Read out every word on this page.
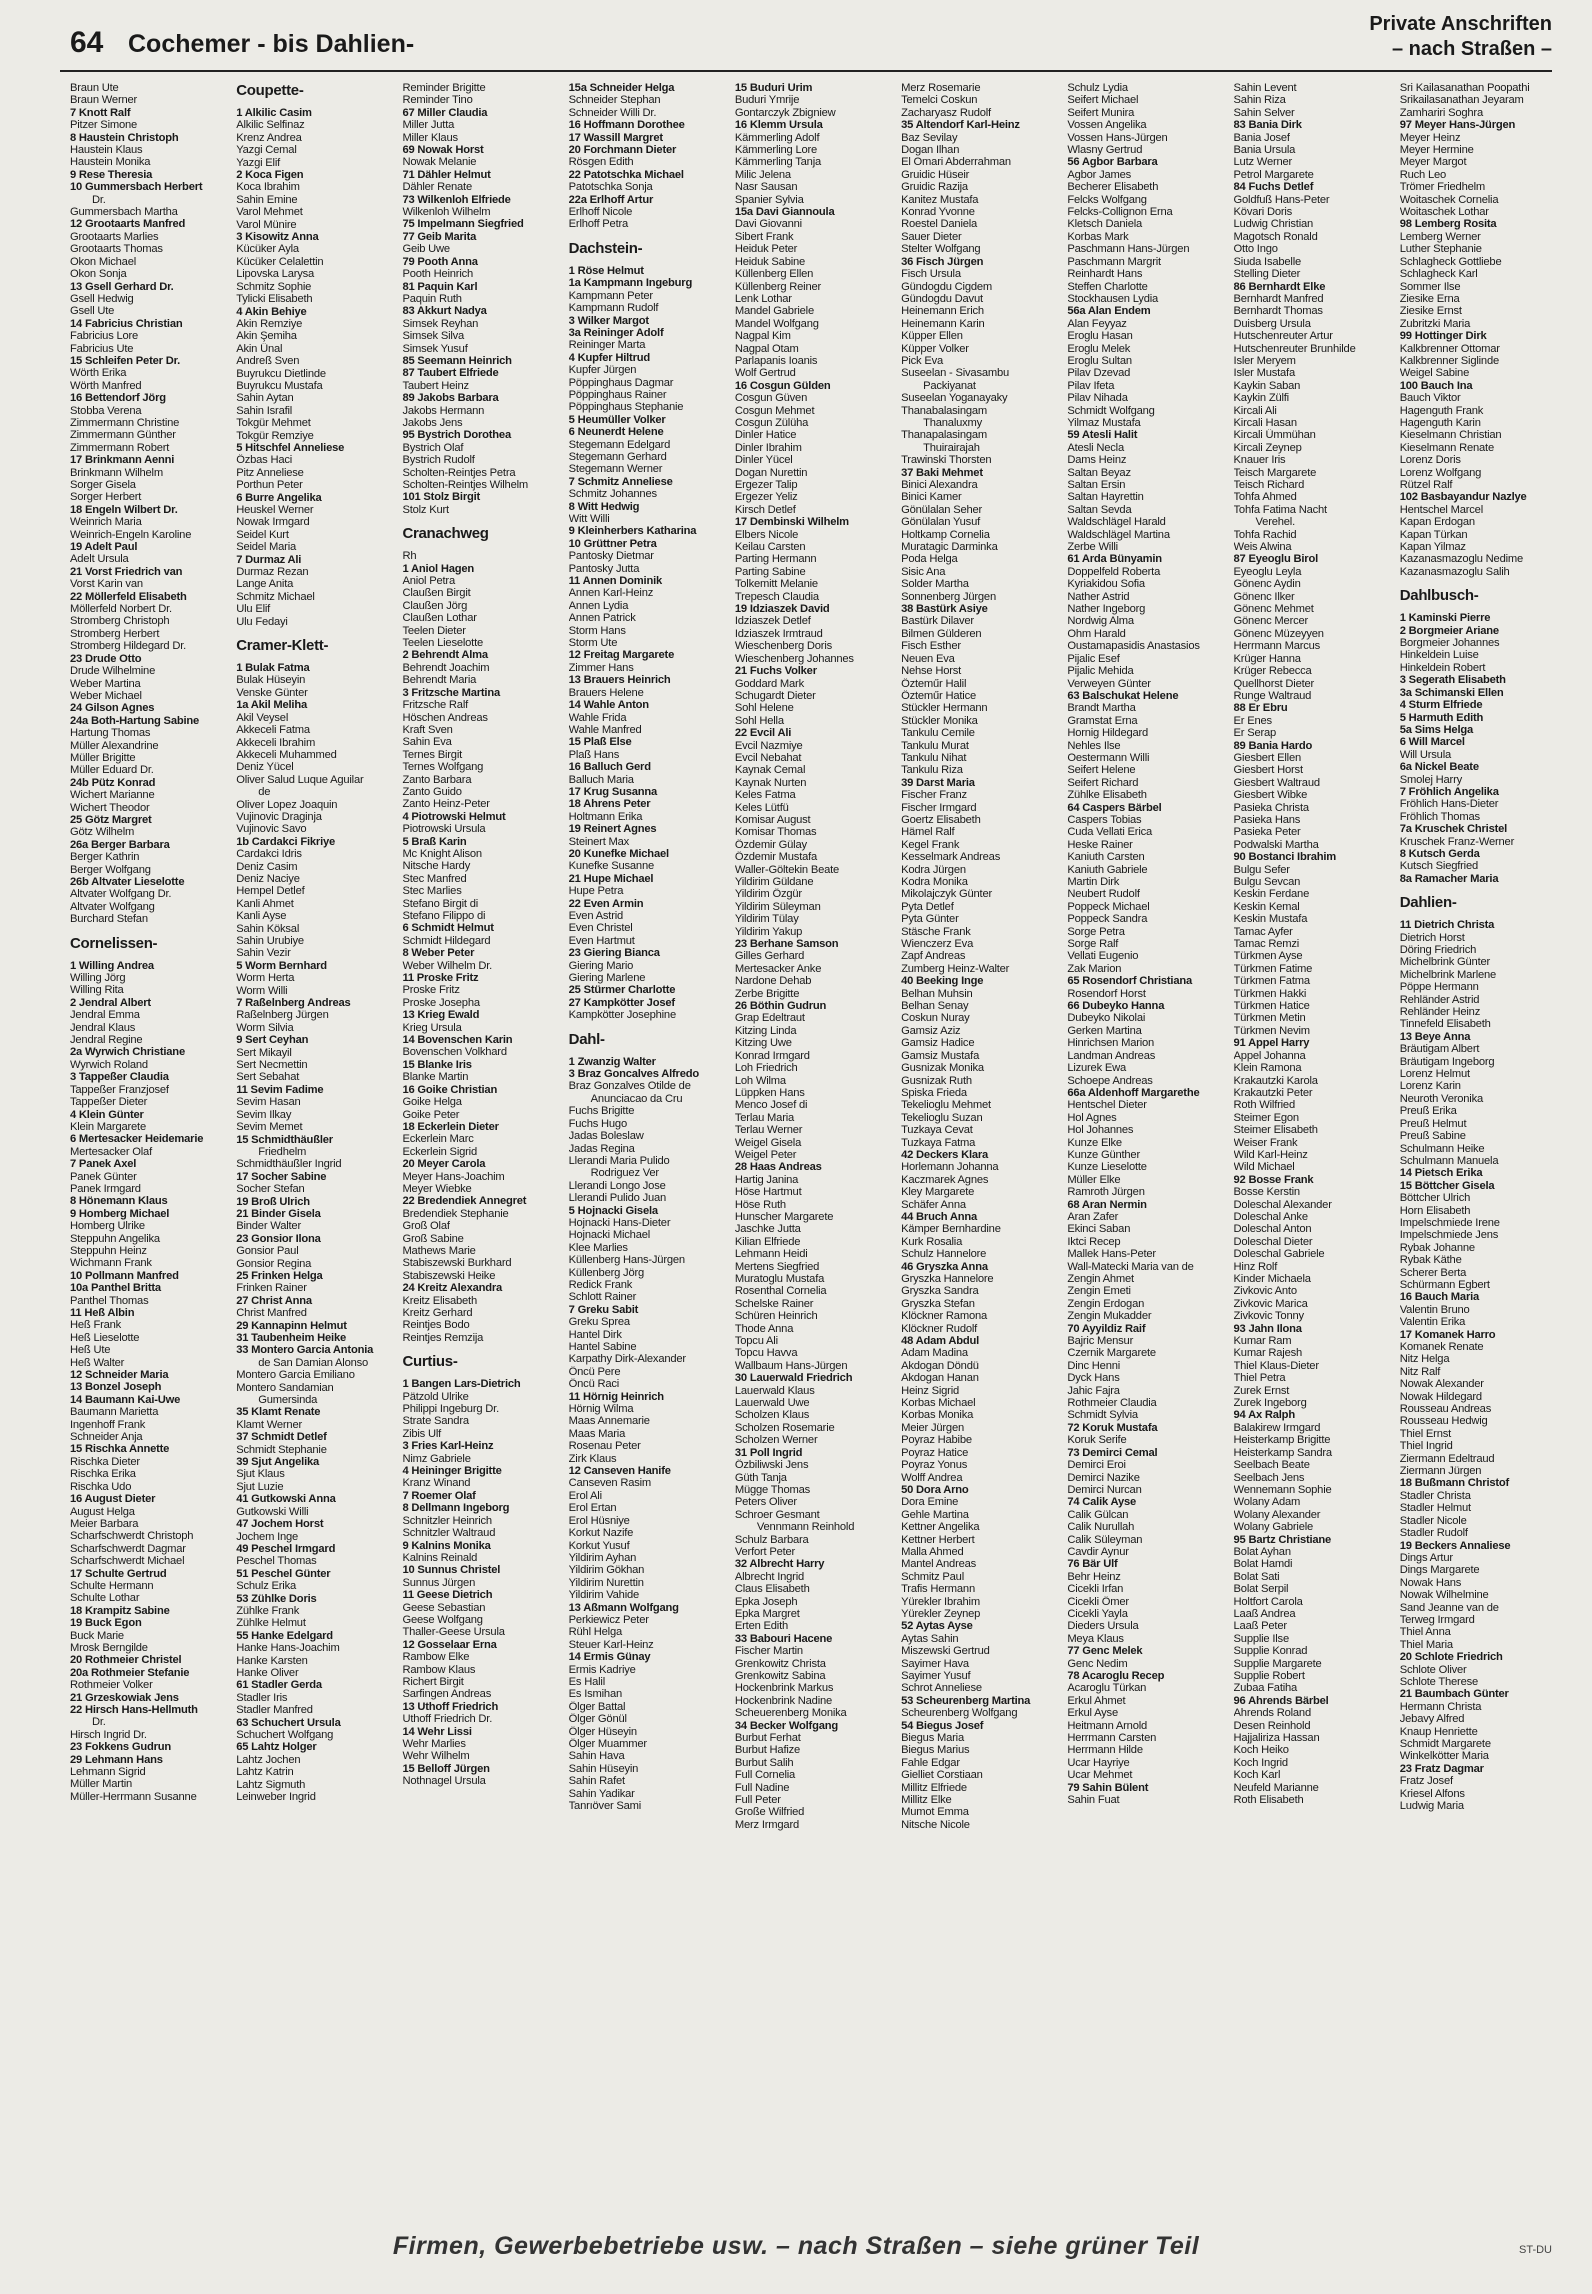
64 Cochemer - bis Dahlien-
Private Anschriften
– nach Straßen –
Braun Ute
Braun Werner
7 Knott Ralf
Pitzer Simone
8 Haustein Christoph
Haustein Klaus
Haustein Monika
9 Rese Theresia
10 Gummersbach Herbert
Dr.
Gummersbach Martha
12 Grootaarts Manfred
Grootaarts Marlies
Grootaarts Thomas
Okon Michael
Okon Sonja
13 Gsell Gerhard Dr.
Gsell Hedwig
Gsell Ute
14 Fabricius Christian
Fabricius Lore
Fabricius Ute
15 Schleifen Peter Dr.
Wörth Erika
Wörth Manfred
16 Bettendorf Jörg
Stobba Verena
Zimmermann Christine
Zimmermann Günther
Zimmermann Robert
17 Brinkmann Aenni
Brinkmann Wilhelm
Sorger Gisela
Sorger Herbert
18 Engeln Wilbert Dr.
Weinrich Maria
Weinrich-Engeln Karoline
19 Adelt Paul
Adelt Ursula
21 Vorst Friedrich van
Vorst Karin van
22 Möllerfeld Elisabeth
Möllerfeld Norbert Dr.
Stromberg Christoph
Stromberg Herbert
Stromberg Hildegard Dr.
23 Drude Otto
Drude Wilhelmine
Weber Martina
Weber Michael
24 Gilson Agnes
24a Both-Hartung Sabine
Hartung Thomas
Müller Alexandrine
Müller Brigitte
Müller Eduard Dr.
24b Pütz Konrad
Wichert Marianne
Wichert Theodor
25 Götz Margret
Götz Wilhelm
26a Berger Barbara
Berger Kathrin
Berger Wolfgang
26b Altvater Lieselotte
Altvater Wolfgang Dr.
Altvater Wolfgang
Burchard Stefan
Cornelissen-
1 Willing Andrea
Willing Jörg
Willing Rita
2 Jendral Albert
Jendral Emma
Jendral Klaus
Jendral Regine
2a Wyrwich Christiane
Wyrwich Roland
3 Tappeßer Claudia
Tappeßer Franzjosef
Tappeßer Dieter
4 Klein Günter
Klein Margarete
6 Mertesacker Heidemarie
Mertesacker Olaf
7 Panek Axel
Panek Günter
Panek Irmgard
8 Hönemann Klaus
9 Homberg Michael
Homberg Ulrike
Steppuhn Angelika
Steppuhn Heinz
Wichmann Frank
10 Pollmann Manfred
10a Panthel Britta
Panthel Thomas
11 Heß Albin
Heß Frank
Heß Lieselotte
Heß Ute
Heß Walter
12 Schneider Maria
13 Bonzel Joseph
14 Baumann Kai-Uwe
Baumann Marietta
Ingenhoff Frank
Schneider Anja
15 Rischka Annette
Rischka Dieter
Rischka Erika
Rischka Udo
16 August Dieter
August Helga
Meier Barbara
Scharfschwerdt Christoph
Scharfschwerdt Dagmar
Scharfschwerdt Michael
17 Schulte Gertrud
Schulte Hermann
Schulte Lothar
18 Krampitz Sabine
19 Buck Egon
Buck Marie
Mrosk Berngilde
20 Rothmeier Christel
20a Rothmeier Stefanie
Rothmeier Volker
21 Grzeskowiak Jens
22 Hirsch Hans-Hellmuth
Dr.
Hirsch Ingrid Dr.
23 Fokkens Gudrun
29 Lehmann Hans
Lehmann Sigrid
Müller Martin
Müller-Herrmann Susanne
Coupette-
1 Alkilic Casim
Alkilic Selfinaz
Krenz Andrea
Yazgi Cemal
Yazgi Elif
2 Koca Figen
Koca Ibrahim
Sahin Emine
Varol Mehmet
Varol Münire
3 Kisowitz Anna
Kücüker Ayla
Kücüker Celalettin
Lipovska Larysa
Schmitz Sophie
Tylicki Elisabeth
4 Akin Behiye
Akin Remziye
Akin Şemiha
Akin Ünal
Andreß Sven
Buyrukcu Dietlinde
Buyrukcu Mustafa
Sahin Aytan
Sahin Israfil
Tokgür Mehmet
Tokgür Remziye
5 Hitschfel Anneliese
Özbas Haci
Pitz Anneliese
Porthun Peter
6 Burre Angelika
Heuskel Werner
Nowak Irmgard
Seidel Kurt
Seidel Maria
7 Durmaz Ali
Durmaz Rezan
Lange Anita
Schmitz Michael
Ulu Elif
Ulu Fedayi
Cramer-Klett-
1 Bulak Fatma
Bulak Hüseyin
Venske Günter
1a Akil Meliha
Akil Veysel
Akkeceli Fatma
Akkeceli Ibrahim
Akkeceli Muhammed
Deniz Yücel
Oliver Salud Luque Aguilar
de
Oliver Lopez Joaquin
Vujinovic Draginja
Vujinovic Savo
1b Cardakci Fikriye
Cardakci Idris
Deniz Casim
Deniz Naciye
Hempel Detlef
Kanli Ahmet
Kanli Ayse
Sahin Köksal
Sahin Urubiye
Sahin Vezir
5 Worm Bernhard
Worm Herta
Worm Willi
7 Raßelnberg Andreas
Raßelnberg Jürgen
Worm Silvia
9 Sert Ceyhan
Sert Mikayil
Sert Necmettin
Sert Sebahat
11 Sevim Fadime
Sevim Hasan
Sevim Ilkay
Sevim Memet
15 Schmidthäußler
Friedhelm
Schmidthäußler Ingrid
17 Socher Sabine
Socher Stefan
19 Broß Ulrich
21 Binder Gisela
Binder Walter
23 Gonsior Ilona
Gonsior Paul
Gonsior Regina
25 Frinken Helga
Frinken Rainer
27 Christ Anna
Christ Manfred
29 Kannapinn Helmut
31 Taubenheim Heike
33 Montero Garcia Antonia
de San Damian Alonso
Montero Garcia Emiliano
Montero Sandamian
Gumersinda
35 Klamt Renate
Klamt Werner
37 Schmidt Detlef
Schmidt Stephanie
39 Sjut Angelika
Sjut Klaus
Sjut Luzie
41 Gutkowski Anna
Gutkowski Willi
47 Jochem Horst
Jochem Inge
49 Peschel Irmgard
Peschel Thomas
51 Peschel Günter
Schulz Erika
53 Zühlke Doris
Zühlke Frank
Zühlke Helmut
55 Hanke Edelgard
Hanke Hans-Joachim
Hanke Karsten
Hanke Oliver
61 Stadler Gerda
Stadler Iris
Stadler Manfred
63 Schuchert Ursula
Schuchert Wolfgang
65 Lahtz Holger
Lahtz Jochen
Lahtz Katrin
Lahtz Sigmuth
Leinweber Ingrid
Reminder Brigitte
Reminder Tino
67 Miller Claudia
Miller Jutta
Miller Klaus
69 Nowak Horst
Nowak Melanie
71 Dähler Helmut
Dähler Renate
73 Wilkenloh Elfriede
Wilkenloh Wilhelm
75 Impelmann Siegfried
77 Geib Marita
Geib Uwe
79 Pooth Anna
Pooth Heinrich
81 Paquin Karl
Paquin Ruth
83 Akkurt Nadya
Simsek Reyhan
Simsek Silva
Simsek Yusuf
85 Seemann Heinrich
87 Taubert Elfriede
Taubert Heinz
89 Jakobs Barbara
Jakobs Hermann
Jakobs Jens
95 Bystrich Dorothea
Bystrich Olaf
Bystrich Rudolf
Scholten-Reintjes Petra
Scholten-Reintjes Wilhelm
101 Stolz Birgit
Stolz Kurt
Cranachweg
Rh
1 Aniol Hagen
Aniol Petra
Claußen Birgit
Claußen Jörg
Claußen Lothar
Teelen Dieter
Teelen Lieselotte
2 Behrendt Alma
Behrendt Joachim
Behrendt Maria
3 Fritzsche Martina
Fritzsche Ralf
Höschen Andreas
Kraft Sven
Sahin Eva
Ternes Birgit
Ternes Wolfgang
Zanto Barbara
Zanto Guido
Zanto Heinz-Peter
4 Piotrowski Helmut
Piotrowski Ursula
5 Braß Karin
Mc Knight Alison
Nitsche Hardy
Stec Manfred
Stec Marlies
Stefano Birgit di
Stefano Filippo di
6 Schmidt Helmut
Schmidt Hildegard
8 Weber Peter
Weber Wilhelm Dr.
11 Proske Fritz
Proske Fritz
Proske Josepha
13 Krieg Ewald
Krieg Ursula
14 Bovenschen Karin
Bovenschen Volkhard
15 Blanke Iris
Blanke Martin
16 Goike Christian
Goike Helga
Goike Peter
18 Eckerlein Dieter
Eckerlein Marc
Eckerlein Sigrid
20 Meyer Carola
Meyer Hans-Joachim
Meyer Wiebke
22 Bredendiek Annegret
Bredendiek Stephanie
Groß Olaf
Groß Sabine
Mathews Marie
Stabiszewski Burkhard
Stabiszewski Heike
24 Kreitz Alexandra
Kreitz Elisabeth
Kreitz Gerhard
Reintjes Bodo
Reintjes Remzija
Curtius-
1 Bangen Lars-Dietrich
Pätzold Ulrike
Philippi Ingeburg Dr.
Strate Sandra
Zibis Ulf
3 Fries Karl-Heinz
Nimz Gabriele
4 Heininger Brigitte
Kranz Winand
7 Roemer Olaf
8 Dellmann Ingeborg
Schnitzler Heinrich
Schnitzler Waltraud
9 Kalnins Monika
Kalnins Reinald
10 Sunnus Christel
Sunnus Jürgen
11 Geese Dietrich
Geese Sebastian
Geese Wolfgang
Thaller-Geese Ursula
12 Gosselaar Erna
Rambow Elke
Rambow Klaus
Richert Birgit
Sarfingen Andreas
13 Uthoff Friedrich
Uthoff Friedrich Dr.
14 Wehr Lissi
Wehr Marlies
Wehr Wilhelm
15 Belloff Jürgen
Nothnagel Ursula
15a Schneider Helga
Schneider Stephan
Schneider Willi Dr.
16 Hoffmann Dorothee
17 Wassill Margret
20 Forchmann Dieter
Rösgen Edith
22 Patotschka Michael
Patotschka Sonja
22a Erlhoff Artur
Erlhoff Nicole
Erlhoff Petra
Dachstein-
1 Röse Helmut
1a Kampmann Ingeburg
Kampmann Peter
Kampmann Rudolf
3 Wilker Margot
3a Reininger Adolf
Reininger Marta
4 Kupfer Hiltrud
Kupfer Jürgen
Pöppinghaus Dagmar
Pöppinghaus Rainer
Pöppinghaus Stephanie
5 Heumüller Volker
6 Neunerdt Helene
Stegemann Edelgard
Stegemann Gerhard
Stegemann Werner
7 Schmitz Anneliese
Schmitz Johannes
8 Witt Hedwig
Witt Willi
9 Kleinherbers Katharina
10 Grüttner Petra
Pantosky Dietmar
Pantosky Jutta
11 Annen Dominik
Annen Karl-Heinz
Annen Lydia
Annen Patrick
Storm Hans
Storm Ute
12 Freitag Margarete
Zimmer Hans
13 Brauers Heinrich
Brauers Helene
14 Wahle Anton
Wahle Frida
Wahle Manfred
15 Plaß Else
Plaß Hans
16 Balluch Gerd
Balluch Maria
17 Krug Susanna
18 Ahrens Peter
Holtmann Erika
19 Reinert Agnes
Steinert Max
20 Kunefke Michael
Kunefke Susanne
21 Hupe Michael
Hupe Petra
22 Even Armin
Even Astrid
Even Christel
Even Hartmut
23 Giering Bianca
Giering Mario
Giering Marlene
25 Stürmer Charlotte
27 Kampkötter Josef
Kampkötter Josephine
Dahl-
1 Zwanzig Walter
3 Braz Goncalves Alfredo
Braz Gonzalves Otilde de
Anunciacao da Cru
Fuchs Brigitte
Fuchs Hugo
Jadas Boleslaw
Jadas Regina
Llerandi Maria Pulido
Rodriguez Ver
Llerandi Longo Jose
Llerandi Pulido Juan
5 Hojnacki Gisela
Hojnacki Hans-Dieter
Hojnacki Michael
Klee Marlies
Küllenberg Hans-Jürgen
Küllenberg Jörg
Redick Frank
Schlott Rainer
7 Greku Sabit
Greku Sprea
Hantel Dirk
Hantel Sabine
Karpathy Dirk-Alexander
Öncü Pere
Öncü Raci
11 Hörnig Heinrich
Hörnig Wilma
Maas Annemarie
Maas Maria
Rosenau Peter
Zirk Klaus
12 Canseven Hanife
Canseven Rasim
Erol Ali
Erol Ertan
Erol Hüsniye
Korkut Nazife
Korkut Yusuf
Yildirim Ayhan
Yildirim Gökhan
Yildirim Nurettin
Yildirim Vahide
13 Aßmann Wolfgang
Perkiewicz Peter
Rühl Helga
Steuer Karl-Heinz
14 Ermis Günay
Ermis Kadriye
Es Halil
Es Ismihan
Ölger Battal
Ölger Gönül
Ölger Hüseyin
Ölger Muammer
Sahin Hava
Sahin Hüseyin
Sahin Rafet
Sahin Yadikar
Tanrıöver Sami
15 Buduri Urim
Buduri Ymrije
Gontarczyk Zbigniew
16 Klemm Ursula
Kämmerling Adolf
Kämmerling Lore
Kämmerling Tanja
Milic Jelena
Nasr Sausan
Spanier Sylvia
15a Davi Giannoula
Davi Giovanni
Sibert Frank
Heiduk Peter
Heiduk Sabine
Küllenberg Ellen
Küllenberg Reiner
Lenk Lothar
Mandel Gabriele
Mandel Wolfgang
Nagpal Kim
Nagpal Otam
Parlapanis Ioanis
Wolf Gertrud
16 Cosgun Gülden
Cosgun Güven
Cosgun Mehmet
Cosgun Zülüha
Dinler Hatice
Dinler Ibrahim
Dinler Yücel
Dogan Nurettin
Ergezer Talip
Ergezer Yeliz
Kirsch Detlef
17 Dembinski Wilhelm
Elbers Nicole
Keilau Carsten
Parting Hermann
Parting Sabine
Tolkemitt Melanie
Trepesch Claudia
19 Idziaszek David
Idziaszek Detlef
Idziaszek Irmtraud
Wieschenberg Doris
Wieschenberg Johannes
21 Fuchs Volker
Goddard Mark
Schugardt Dieter
Sohl Helene
Sohl Hella
22 Evcil Ali
Evcil Nazmiye
Evcil Nebahat
Kaynak Cemal
Kaynak Nurten
Keles Fatma
Keles Lütfü
Komisar August
Komisar Thomas
Özdemir Gülay
Özdemir Mustafa
Waller-Göltekin Beate
Yildirim Güldane
Yildirim Özgür
Yildirim Süleyman
Yildirim Tülay
Yildirim Yakup
23 Berhane Samson
Gilles Gerhard
Mertesacker Anke
Nardone Dehab
Zerbe Brigitte
26 Böthin Gudrun
Grap Edeltraut
Kitzing Linda
Kitzing Uwe
Konrad Irmgard
Loh Friedrich
Loh Wilma
Lüppken Hans
Menco Josef di
Terlau Maria
Terlau Werner
Weigel Gisela
Weigel Peter
28 Haas Andreas
Hartig Janina
Höse Hartmut
Höse Ruth
Hunscher Margarete
Jaschke Jutta
Kilian Elfriede
Lehmann Heidi
Mertens Siegfried
Muratoglu Mustafa
Rosenthal Cornelia
Schelske Rainer
Schüren Heinrich
Thode Anna
Topcu Ali
Topcu Havva
Wallbaum Hans-Jürgen
30 Lauerwald Friedrich
Lauerwald Klaus
Lauerwald Uwe
Scholzen Klaus
Scholzen Rosemarie
Scholzen Werner
31 Poll Ingrid
Özbiliwski Jens
Güth Tanja
Mügge Thomas
Peters Oliver
Schroer Gesmant
Vennmann Reinhold
Schulz Barbara
Verfort Peter
32 Albrecht Harry
Albrecht Ingrid
Claus Elisabeth
Epka Joseph
Epka Margret
Erten Edith
33 Babouri Hacene
Fischer Martin
Grenkowitz Christa
Grenkowitz Sabina
Hockenbrink Markus
Hockenbrink Nadine
Scheuerenberg Monika
34 Becker Wolfgang
Burbut Ferhat
Burbut Hafize
Burbut Salih
Full Cornelia
Full Nadine
Full Peter
Große Wilfried
Merz Irmgard
Merz Rosemarie
Temelci Coskun
Zacharyasz Rudolf
35 Altendorf Karl-Heinz
Baz Sevilay
Dogan Ilhan
El Omari Abderrahman
Gruidic Hüseir
Gruidic Razija
Kanitez Mustafa
Konrad Yvonne
Roestel Daniela
Sauer Dieter
Stelter Wolfgang
36 Fisch Jürgen
Fisch Ursula
Gündogdu Cigdem
Gündogdu Davut
Heinemann Erich
Heinemann Karin
Küpper Ellen
Küpper Volker
Pick Eva
Suseelan - Sivasambu
Packiyanat
Suseelan Yoganayaky
Thanabalasingam
Thanaluxmy
Thanapalasingam
Thuirairajah
Trawinski Thorsten
37 Baki Mehmet
Binici Alexandra
Binici Kamer
Gönülalan Seher
Gönülalan Yusuf
Holtkamp Cornelia
Muratagic Darminka
Poda Helga
Sisic Ana
Solder Martha
Sonnenberg Jürgen
38 Bastürk Asiye
Bastürk Dilaver
Bilmen Gülderen
Fisch Esther
Neuen Eva
Nehse Horst
Özteműr Halil
Özteműr Hatice
Stückler Hermann
Stückler Monika
Tankulu Cemile
Tankulu Murat
Tankulu Nihat
Tankulu Riza
39 Darst Maria
Fischer Franz
Fischer Irmgard
Goertz Elisabeth
Hämel Ralf
Kegel Frank
Kesselmark Andreas
Kodra Jürgen
Kodra Monika
Mikolajczyk Günter
Pyta Detlef
Pyta Günter
Stäsche Frank
Wienczerz Eva
Zapf Andreas
Zumberg Heinz-Walter
40 Beeking Inge
Belhan Muhsin
Belhan Senay
Coskun Nuray
Gamsiz Aziz
Gamsiz Hadice
Gamsiz Mustafa
Gusnizak Monika
Gusnizak Ruth
Spiska Frieda
Tekelioglu Mehmet
Tekelioglu Suzan
Tuzkaya Cevat
Tuzkaya Fatma
42 Deckers Klara
Horlemann Johanna
Kaczmarek Agnes
Kley Margarete
Schäfer Anna
44 Bruch Anna
Kämper Bernhardine
Kurk Rosalia
Schulz Hannelore
46 Gryszka Anna
Gryszka Hannelore
Gryszka Sandra
Gryszka Stefan
Klöckner Ramona
Klöckner Rudolf
48 Adam Abdul
Adam Madina
Akdogan Döndü
Akdogan Hanan
Heinz Sigrid
Korbas Michael
Korbas Monika
Meier Jürgen
Poyraz Habibe
Poyraz Hatice
Poyraz Yonus
Wolff Andrea
50 Dora Arno
Dora Emine
Gehle Martina
Kettner Angelika
Kettner Herbert
Malla Ahmed
Mantel Andreas
Schmitz Paul
Trafis Hermann
Yürekler Ibrahim
Yürekler Zeynep
52 Aytas Ayse
Aytas Sahin
Miszewski Gertrud
Sayimer Hava
Sayimer Yusuf
Schrot Anneliese
53 Scheurenberg Martina
Scheurenberg Wolfgang
54 Biegus Josef
Biegus Maria
Biegus Marius
Fahle Edgar
Gielliet Corstiaan
Millitz Elfriede
Millitz Elke
Mumot Emma
Nitsche Nicole
Schulz Lydia
Seifert Michael
Seifert Munira
Vossen Angelika
Vossen Hans-Jürgen
Wlasny Gertrud
56 Agbor Barbara
Agbor James
Becherer Elisabeth
Felcks Wolfgang
Felcks-Collignon Erna
Kletsch Daniela
Korbas Mark
Paschmann Hans-Jürgen
Paschmann Margrit
Reinhardt Hans
Steffen Charlotte
Stockhausen Lydia
56a Alan Endem
Alan Feyyaz
Eroglu Hasan
Eroglu Melek
Eroglu Sultan
Pilav Dzevad
Pilav Ifeta
Pilav Nihada
Schmidt Wolfgang
Yilmaz Mustafa
59 Atesli Halit
Atesli Necla
Dams Heinz
Saltan Beyaz
Saltan Ersin
Saltan Hayrettin
Saltan Sevda
Waldschlägel Harald
Waldschlägel Martina
Zerbe Willi
61 Arda Bünyamin
Doppelfeld Roberta
Kyriakidou Sofia
Nather Astrid
Nather Ingeborg
Nordwig Alma
Ohm Harald
Oustamapasidis Anastasios
Pijalic Esef
Pijalic Mehida
Verweyen Günter
63 Balschukat Helene
Brandt Martha
Gramstat Erna
Hornig Hildegard
Nehles Ilse
Oestermann Willi
Seifert Helene
Seifert Richard
Zühlke Elisabeth
64 Caspers Bärbel
Caspers Tobias
Cuda Vellati Erica
Heske Rainer
Kaniuth Carsten
Kaniuth Gabriele
Martin Dirk
Neubert Rudolf
Poppeck Michael
Poppeck Sandra
Sorge Petra
Sorge Ralf
Vellati Eugenio
Zak Marion
65 Rosendorf Christiana
Rosendorf Horst
66 Dubeyko Hanna
Dubeyko Nikolai
Gerken Martina
Hinrichsen Marion
Landman Andreas
Lizurek Ewa
Schoepe Andreas
66a Aldenhoff Margarethe
Hentschel Dieter
Hol Agnes
Hol Johannes
Kunze Elke
Kunze Günther
Kunze Lieselotte
Müller Elke
Ramroth Jürgen
68 Aran Nermin
Aran Zafer
Ekinci Saban
Iktci Recep
Mallek Hans-Peter
Wall-Matecki Maria van de
Zengin Ahmet
Zengin Emeti
Zengin Erdogan
Zengin Mukadder
70 Ayyildiz Raif
Bajric Mensur
Czernik Margarete
Dinc Henni
Dyck Hans
Jahic Fajra
Rothmeier Claudia
Schmidt Sylvia
72 Koruk Mustafa
Koruk Serife
73 Demirci Cemal
Demirci Eroi
Demirci Nazike
Demirci Nurcan
74 Calik Ayse
Calik Gülcan
Calik Nurullah
Calik Süleyman
Cavdir Aynur
76 Bär Ulf
Behr Heinz
Cicekli Irfan
Cicekli Ömer
Cicekli Yayla
Dieders Ursula
Meya Klaus
77 Genc Melek
Genc Nedim
78 Acaroglu Recep
Acaroglu Türkan
Erkul Ahmet
Erkul Ayse
Heitmann Arnold
Herrmann Carsten
Herrmann Hilde
Ucar Hayriye
Ucar Mehmet
79 Sahin Bülent
Sahin Fuat
Sahin Levent
Sahin Riza
Sahin Selver
83 Bania Dirk
Bania Josef
Bania Ursula
Lutz Werner
Petrol Margarete
84 Fuchs Detlef
Goldfuß Hans-Peter
Kövari Doris
Ludwig Christian
Magotsch Ronald
Otto Ingo
Siuda Isabelle
Stelling Dieter
86 Bernhardt Elke
Bernhardt Manfred
Bernhardt Thomas
Duisberg Ursula
Hutschenreuter Artur
Hutschenreuter Brunhilde
Isler Meryem
Isler Mustafa
Kaykin Saban
Kaykin Zülfi
Kircali Ali
Kircali Hasan
Kircali Ümmühan
Kircali Zeynep
Knauer Iris
Teisch Margarete
Teisch Richard
Tohfa Ahmed
Tohfa Fatima Nacht
Verehel.
Tohfa Rachid
Weis Alwina
87 Eyeoglu Birol
Eyeoglu Leyla
Gönenc Aydin
Gönenc Ilker
Gönenc Mehmet
Gönenc Mercer
Gönenc Müzeyyen
Herrmann Marcus
Krüger Hanna
Krüger Rebecca
Quellhorst Dieter
Runge Waltraud
88 Er Ebru
Er Enes
Er Serap
89 Bania Hardo
Giesbert Ellen
Giesbert Horst
Giesbert Waltraud
Giesbert Wibke
Pasieka Christa
Pasieka Hans
Pasieka Peter
Podwalski Martha
90 Bostanci Ibrahim
Bulgu Sefer
Bulgu Sevcan
Keskin Ferdane
Keskin Kemal
Keskin Mustafa
Tamac Ayfer
Tamac Remzi
Türkmen Ayse
Türkmen Fatime
Türkmen Fatma
Türkmen Hakki
Türkmen Hatice
Türkmen Metin
Türkmen Nevim
91 Appel Harry
Appel Johanna
Klein Ramona
Krakautzki Karola
Krakautzki Peter
Roth Wilfried
Steimer Egon
Steimer Elisabeth
Weiser Frank
Wild Karl-Heinz
Wild Michael
92 Bosse Frank
Bosse Kerstin
Doleschal Alexander
Doleschal Anke
Doleschal Anton
Doleschal Dieter
Doleschal Gabriele
Hinz Rolf
Kinder Michaela
Zivkovic Anto
Zivkovic Marica
Zivkovic Tonny
93 Jahn Ilona
Kumar Ram
Kumar Rajesh
Thiel Klaus-Dieter
Thiel Petra
Zurek Ernst
Zurek Ingeborg
94 Ax Ralph
Balakirew Irmgard
Heisterkamp Brigitte
Heisterkamp Sandra
Seelbach Beate
Seelbach Jens
Wennemann Sophie
Wolany Adam
Wolany Alexander
Wolany Gabriele
95 Bartz Christiane
Bolat Ayhan
Bolat Hamdi
Bolat Sati
Bolat Serpil
Holtfort Carola
Laaß Andrea
Laaß Peter
Supplie Ilse
Supplie Konrad
Supplie Margarete
Supplie Robert
Zubaa Fatiha
96 Ahrends Bärbel
Ahrends Roland
Desen Reinhold
Hajjaliriza Hassan
Koch Heiko
Koch Ingrid
Koch Karl
Neufeld Marianne
Roth Elisabeth
Sri Kailasanathan Poopathi
Srikailasanathan Jeyaram
Zamhariri Soghra
97 Meyer Hans-Jürgen
Meyer Heinz
Meyer Hermine
Meyer Margot
Ruch Leo
Trömer Friedhelm
Woitaschek Cornelia
Woitaschek Lothar
98 Lemberg Rosita
Lemberg Werner
Luther Stephanie
Schlagheck Gottliebe
Schlagheck Karl
Sommer Ilse
Ziesike Erna
Ziesike Ernst
Zubritzki Maria
99 Hottinger Dirk
Kalkbrenner Ottomar
Kalkbrenner Siglinde
Weigel Sabine
100 Bauch Ina
Bauch Viktor
Hagenguth Frank
Hagenguth Karin
Kieselmann Christian
Kieselmann Renate
Lorenz Doris
Lorenz Wolfgang
Rützel Ralf
102 Basbayandur Nazlye
Hentschel Marcel
Kapan Erdogan
Kapan Türkan
Kapan Yilmaz
Kazanasmazoglu Nedime
Kazanasmazoglu Salih
Dahlbusch-
1 Kaminski Pierre
2 Borgmeier Ariane
Borgmeier Johannes
Hinkeldein Luise
Hinkeldein Robert
3 Segerath Elisabeth
3a Schimanski Ellen
4 Sturm Elfriede
5 Harmuth Edith
5a Sims Helga
6 Will Marcel
Will Ursula
6a Nickel Beate
Smolej Harry
7 Fröhlich Angelika
Fröhlich Hans-Dieter
Fröhlich Thomas
7a Kruschek Christel
Kruschek Franz-Werner
8 Kutsch Gerda
Kutsch Siegfried
8a Ramacher Maria
Dahlien-
11 Dietrich Christa
Dietrich Horst
Döring Friedrich
Michelbrink Günter
Michelbrink Marlene
Pöppe Hermann
Rehländer Astrid
Rehländer Heinz
Tinnefeld Elisabeth
13 Beye Anna
Bräutigam Albert
Bräutigam Ingeborg
Lorenz Helmut
Lorenz Karin
Neuroth Veronika
Preuß Erika
Preuß Helmut
Preuß Sabine
Schulmann Heike
Schulmann Manuela
14 Pietsch Erika
15 Böttcher Gisela
Böttcher Ulrich
Horn Elisabeth
Impelschmiede Irene
Impelschmiede Jens
Rybak Johanne
Rybak Käthe
Scherer Berta
Schürmann Egbert
16 Bauch Maria
Valentin Bruno
Valentin Erika
17 Komanek Harro
Komanek Renate
Nitz Helga
Nitz Ralf
Nowak Alexander
Nowak Hildegard
Rousseau Andreas
Rousseau Hedwig
Thiel Ernst
Thiel Ingrid
Ziermann Edeltraud
Ziermann Jürgen
18 Bußmann Christof
Stadler Christa
Stadler Helmut
Stadler Nicole
Stadler Rudolf
19 Beckers Annaliese
Dings Artur
Dings Margarete
Nowak Hans
Nowak Wilhelmine
Sand Jeanne van de
Terweg Irmgard
Thiel Anna
Thiel Maria
20 Schlote Friedrich
Schlote Oliver
Schlote Therese
21 Baumbach Günter
Hermann Christa
Jebavy Alfred
Knaup Henriette
Schmidt Margarete
Winkelkötter Maria
23 Fratz Dagmar
Fratz Josef
Kriesel Alfons
Ludwig Maria
Firmen, Gewerbebetriebe usw. – nach Straßen – siehe grüner Teil	ST-DU
